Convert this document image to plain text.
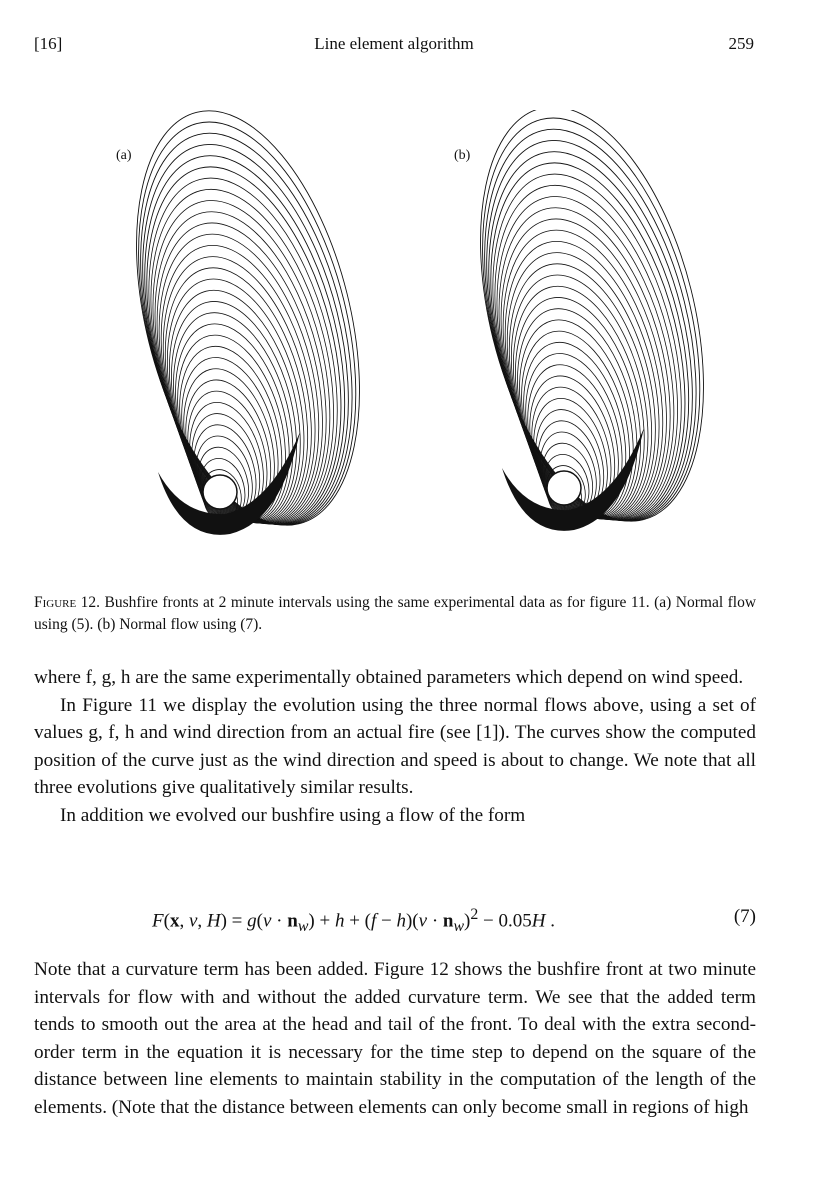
[16]	Line element algorithm	259
(a)	(b)
Figure 12. Bushfire fronts at 2 minute intervals using the same experimental data as for figure 11. (a) Normal flow using (5). (b) Normal flow using (7).

where f, g, h are the same experimentally obtained parameters which depend on wind speed.

In Figure 11 we display the evolution using the three normal flows above, using a set of values g, f, h and wind direction from an actual fire (see [1]). The curves show the computed position of the curve just as the wind direction and speed is about to change. We note that all three evolutions give qualitatively similar results.

In addition we evolved our bushfire using a flow of the form

F(x, ν, $H) = g(\nu \cdot n_w) + h + (f - h)(\nu \cdot n_w)^2 - 0.05H$ .	(7)

Note that a curvature term has been added. Figure 12 shows the bushfire front at two minute intervals for flow with and without the added curvature term. We see that the added term tends to smooth out the area at the head and tail of the front. To deal with the extra second-order term in the equation it is necessary for the time step to depend on the square of the distance between line elements to maintain stability in the computation of the length of the elements. (Note that the distance between elements can only become small in regions of high
